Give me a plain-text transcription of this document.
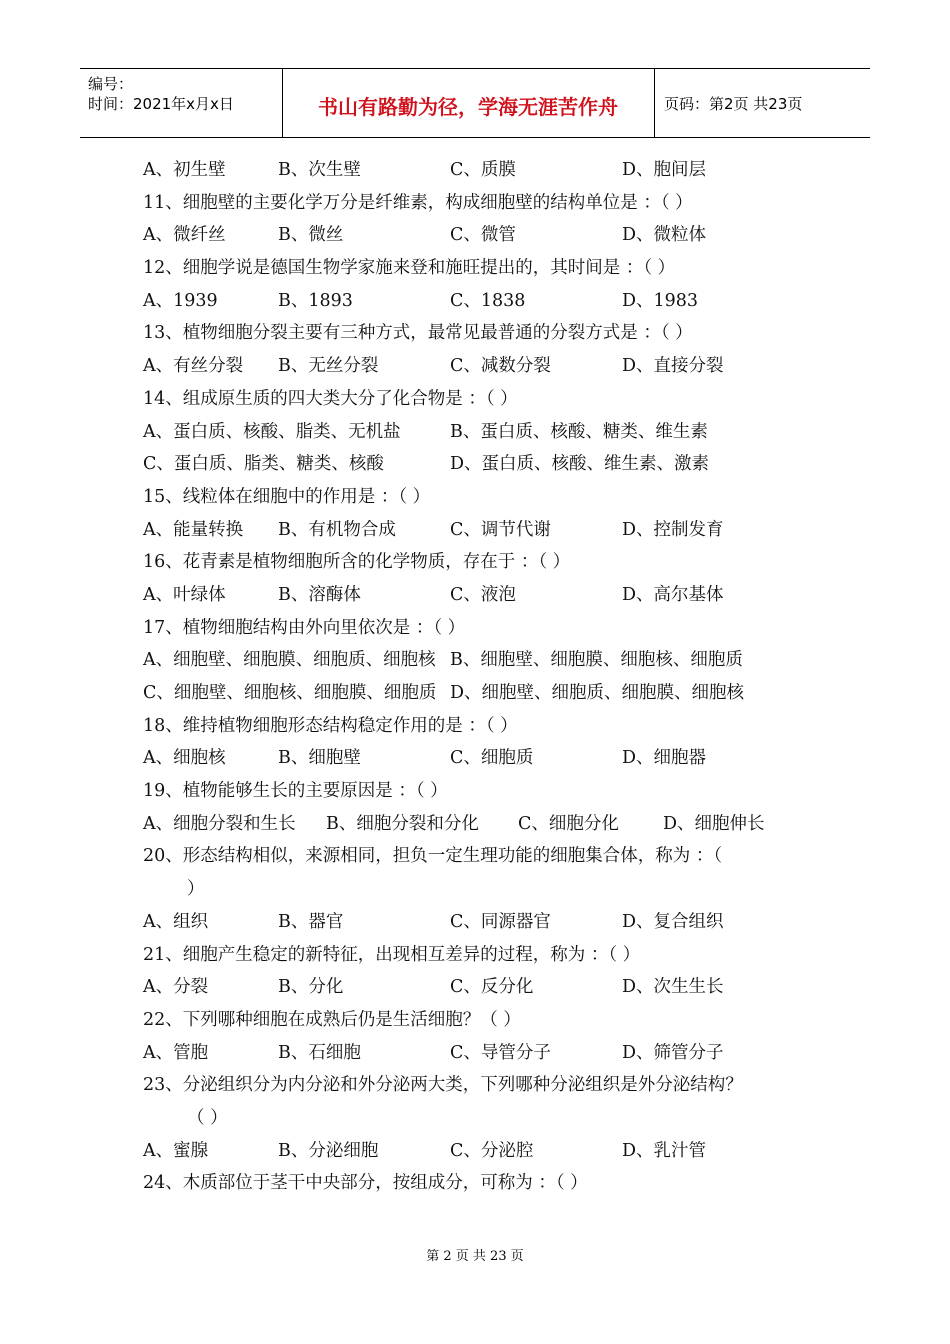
编号：
时间：2021年x月x日	书山有路勤为径，学海无涯苦作舟	页码：第2页 共23页
A、初生壁	B、次生壁	C、质膜	D、胞间层
11、细胞壁的主要化学万分是纤维素，构成细胞壁的结构单位是 ：（ ）
A、微纤丝	B、微丝	C、微管	D、微粒体
12、细胞学说是德国生物学家施来登和施旺提出的，其时间是 ：（ ）
A、1939	B、1893	C、1838	D、1983
13、植物细胞分裂主要有三种方式，最常见最普通的分裂方式是 ：（ ）
A、有丝分裂 B、无丝分裂	C、减数分裂	D、直接分裂
14、组成原生质的四大类大分了化合物是 ：（ ）
A、蛋白质、核酸、脂类、无机盐	B、蛋白质、核酸、糖类、维生素
C、蛋白质、脂类、糖类、核酸	D、蛋白质、核酸、维生素、激素
15、线粒体在细胞中的作用是 ：（ ）
A、能量转换 B、有机物合成	C、调节代谢	D、控制发育
16、花青素是植物细胞所含的化学物质，存在于 ：（ ）
A、叶绿体	B、溶酶体	C、液泡	D、高尔基体
17、植物细胞结构由外向里依次是 ：（ ）
A、细胞壁、细胞膜、细胞质、细胞核 B、细胞壁、细胞膜、细胞核、细胞质
C、细胞壁、细胞核、细胞膜、细胞质 D、细胞壁、细胞质、细胞膜、细胞核
18、维持植物细胞形态结构稳定作用的是 ：（ ）
A、细胞核	B、细胞壁	C、细胞质	D、细胞器
19、植物能够生长的主要原因是 ：（ ）
A、细胞分裂和生长 B、细胞分裂和分化 C、细胞分化	D、细胞伸长
20、形态结构相似，来源相同，担负一定生理功能的细胞集合体，称为 ：（
）
A、组织	B、器官	C、同源器官	D、复合组织
21、细胞产生稳定的新特征，出现相互差异的过程，称为 ：（ ）
A、分裂	B、分化	C、反分化	D、次生生长
22、下列哪种细胞在成熟后仍是生活细胞？（ ）
A、管胞	B、石细胞	C、导管分子	D、筛管分子
23、分泌组织分为内分泌和外分泌两大类，下列哪种分泌组织是外分泌结构？
（ ）
A、蜜腺	B、分泌细胞	C、分泌腔	D、乳汁管
24、木质部位于茎干中央部分，按组成分，可称为 ：（ ）
第 2 页 共 23 页
